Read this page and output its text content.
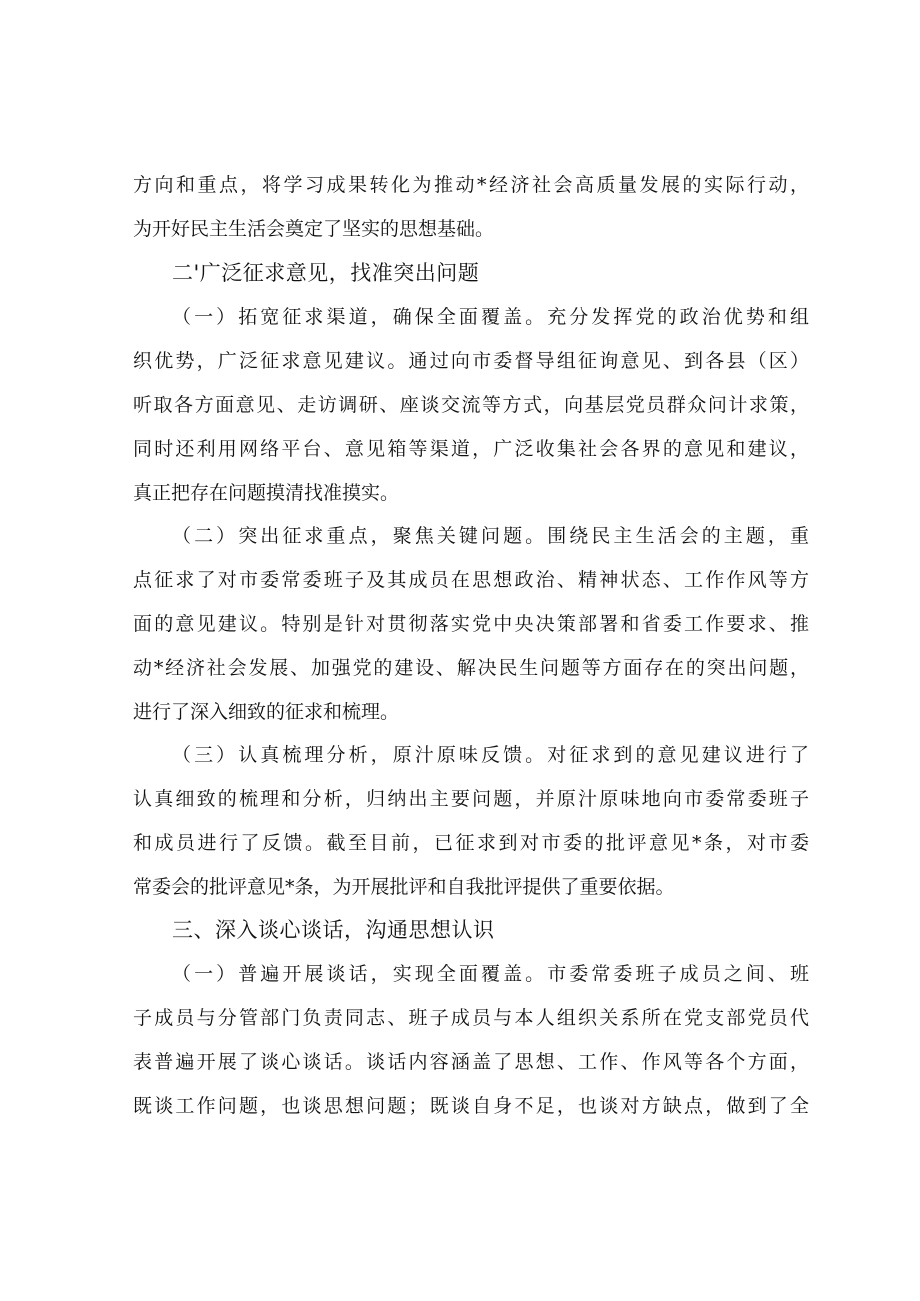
方向和重点，将学习成果转化为推动*经济社会高质量发展的实际行动，
为开好民主生活会奠定了坚实的思想基础。
二'广泛征求意见，找准突出问题
（一）拓宽征求渠道，确保全面覆盖。充分发挥党的政治优势和组
织优势，广泛征求意见建议。通过向市委督导组征询意见、到各县（区）
听取各方面意见、走访调研、座谈交流等方式，向基层党员群众问计求策，
同时还利用网络平台、意见箱等渠道，广泛收集社会各界的意见和建议，
真正把存在问题摸清找准摸实。
（二）突出征求重点，聚焦关键问题。围绕民主生活会的主题，重
点征求了对市委常委班子及其成员在思想政治、精神状态、工作作风等方
面的意见建议。特别是针对贯彻落实党中央决策部署和省委工作要求、推
动*经济社会发展、加强党的建设、解决民生问题等方面存在的突出问题，
进行了深入细致的征求和梳理。
（三）认真梳理分析，原汁原味反馈。对征求到的意见建议进行了
认真细致的梳理和分析，归纳出主要问题，并原汁原味地向市委常委班子
和成员进行了反馈。截至目前，已征求到对市委的批评意见*条，对市委
常委会的批评意见*条，为开展批评和自我批评提供了重要依据。
三、深入谈心谈话，沟通思想认识
（一）普遍开展谈话，实现全面覆盖。市委常委班子成员之间、班
子成员与分管部门负责同志、班子成员与本人组织关系所在党支部党员代
表普遍开展了谈心谈话。谈话内容涵盖了思想、工作、作风等各个方面，
既谈工作问题，也谈思想问题；既谈自身不足，也谈对方缺点，做到了全
